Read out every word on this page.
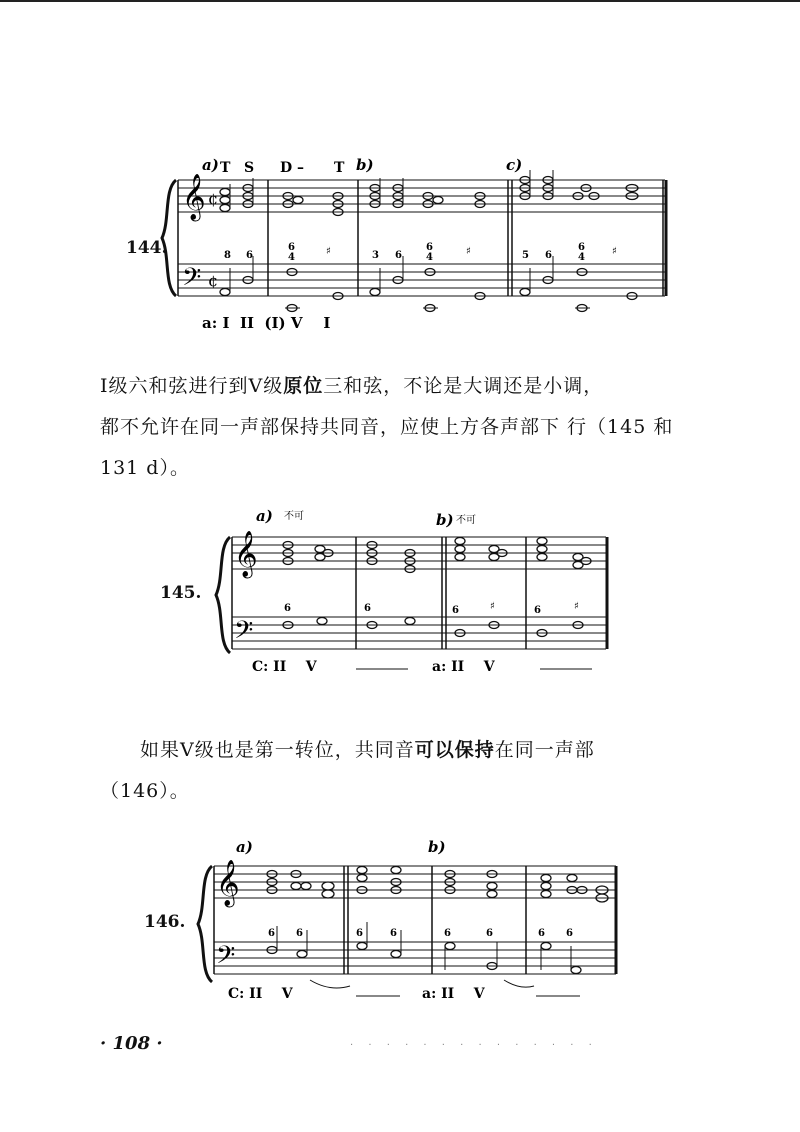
144.
𝄞
𝄢
¢
¢
a)	b)	c)
T S D – T
8 6
6
4
♯	3 6
6
4
♯	5 6
6
4
♯
a: I  II  (I) V    I
Ⅰ级六和弦进行到Ⅴ级原位三和弦，不论是大调还是小调，
都不允许在同一声部保持共同音，应使上方各声部下 行（145 和
131 d）。
145.
𝄞
𝄢
a) 不可	b) 不可
6	6	6	♯	6	♯
C: II    V	a: II    V
如果Ⅴ级也是第一转位，共同音可以保持在同一声部
（146）。
146.
𝄞
𝄢
a)	b)
6 6	6	6	6	6	6 6
C: II    V	a: II    V
· 108 ·	· · · · · · · · · · · · · ·
